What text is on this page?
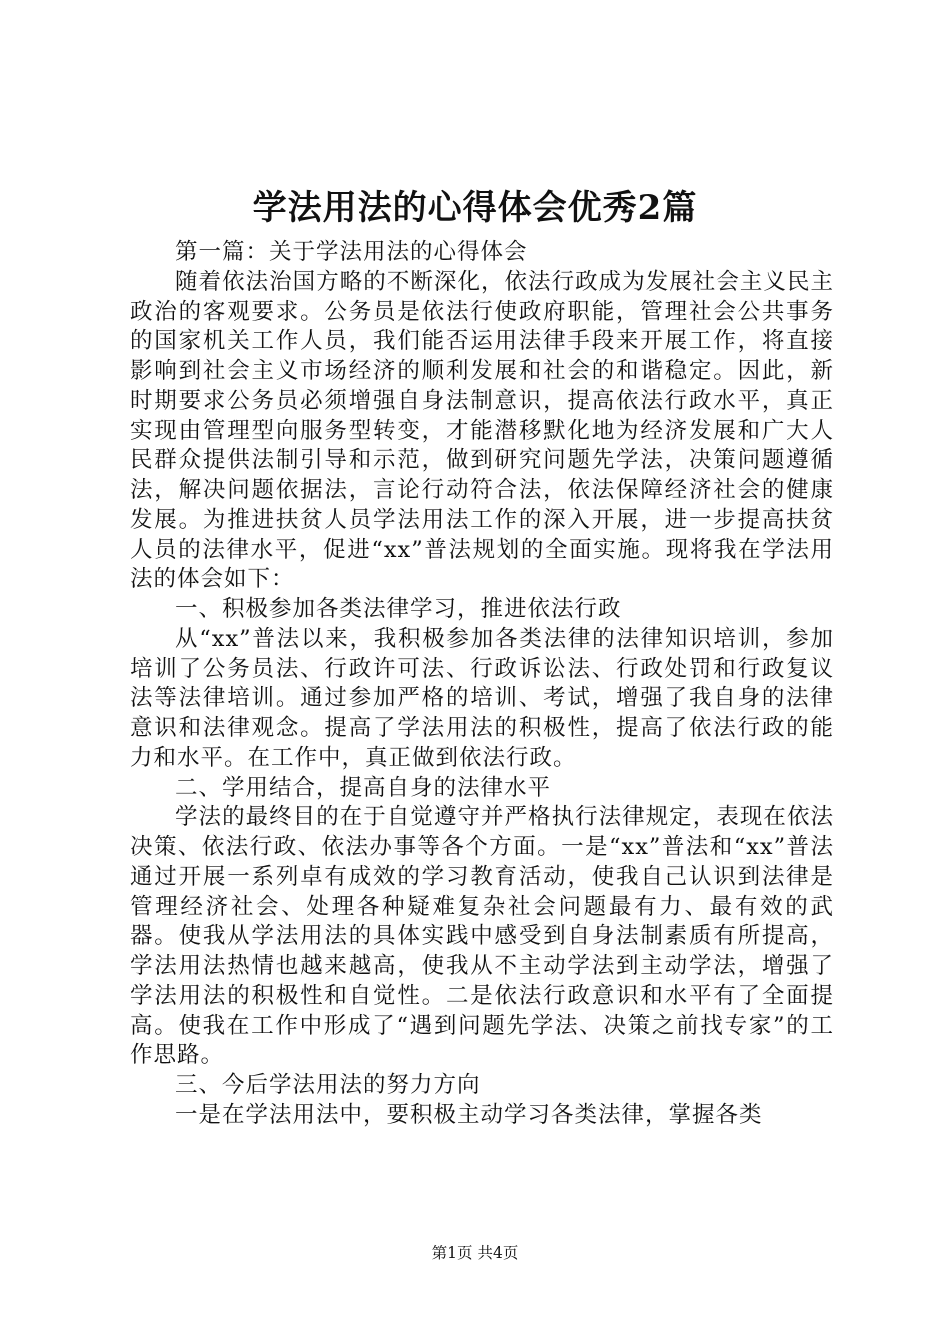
学法用法的心得体会优秀2篇

第一篇：关于学法用法的心得体会

随着依法治国方略的不断深化，依法行政成为发展社会主义民主政治的客观要求。公务员是依法行使政府职能，管理社会公共事务的国家机关工作人员，我们能否运用法律手段来开展工作，将直接影响到社会主义市场经济的顺利发展和社会的和谐稳定。因此，新时期要求公务员必须增强自身法制意识，提高依法行政水平，真正实现由管理型向服务型转变，才能潜移默化地为经济发展和广大人民群众提供法制引导和示范，做到研究问题先学法，决策问题遵循法，解决问题依据法，言论行动符合法，依法保障经济社会的健康发展。为推进扶贫人员学法用法工作的深入开展，进一步提高扶贫人员的法律水平，促进“xx”普法规划的全面实施。现将我在学法用法的体会如下：

一、积极参加各类法律学习，推进依法行政

从“xx”普法以来，我积极参加各类法律的法律知识培训，参加培训了公务员法、行政许可法、行政诉讼法、行政处罚和行政复议法等法律培训。通过参加严格的培训、考试，增强了我自身的法律意识和法律观念。提高了学法用法的积极性，提高了依法行政的能力和水平。在工作中，真正做到依法行政。

二、学用结合，提高自身的法律水平

学法的最终目的在于自觉遵守并严格执行法律规定，表现在依法决策、依法行政、依法办事等各个方面。一是“xx”普法和“xx”普法通过开展一系列卓有成效的学习教育活动，使我自己认识到法律是管理经济社会、处理各种疑难复杂社会问题最有力、最有效的武器。使我从学法用法的具体实践中感受到自身法制素质有所提高，学法用法热情也越来越高，使我从不主动学法到主动学法，增强了学法用法的积极性和自觉性。二是依法行政意识和水平有了全面提高。使我在工作中形成了“遇到问题先学法、决策之前找专家”的工作思路。

三、今后学法用法的努力方向

一是在学法用法中，要积极主动学习各类法律，掌握各类

第1页 共4页
